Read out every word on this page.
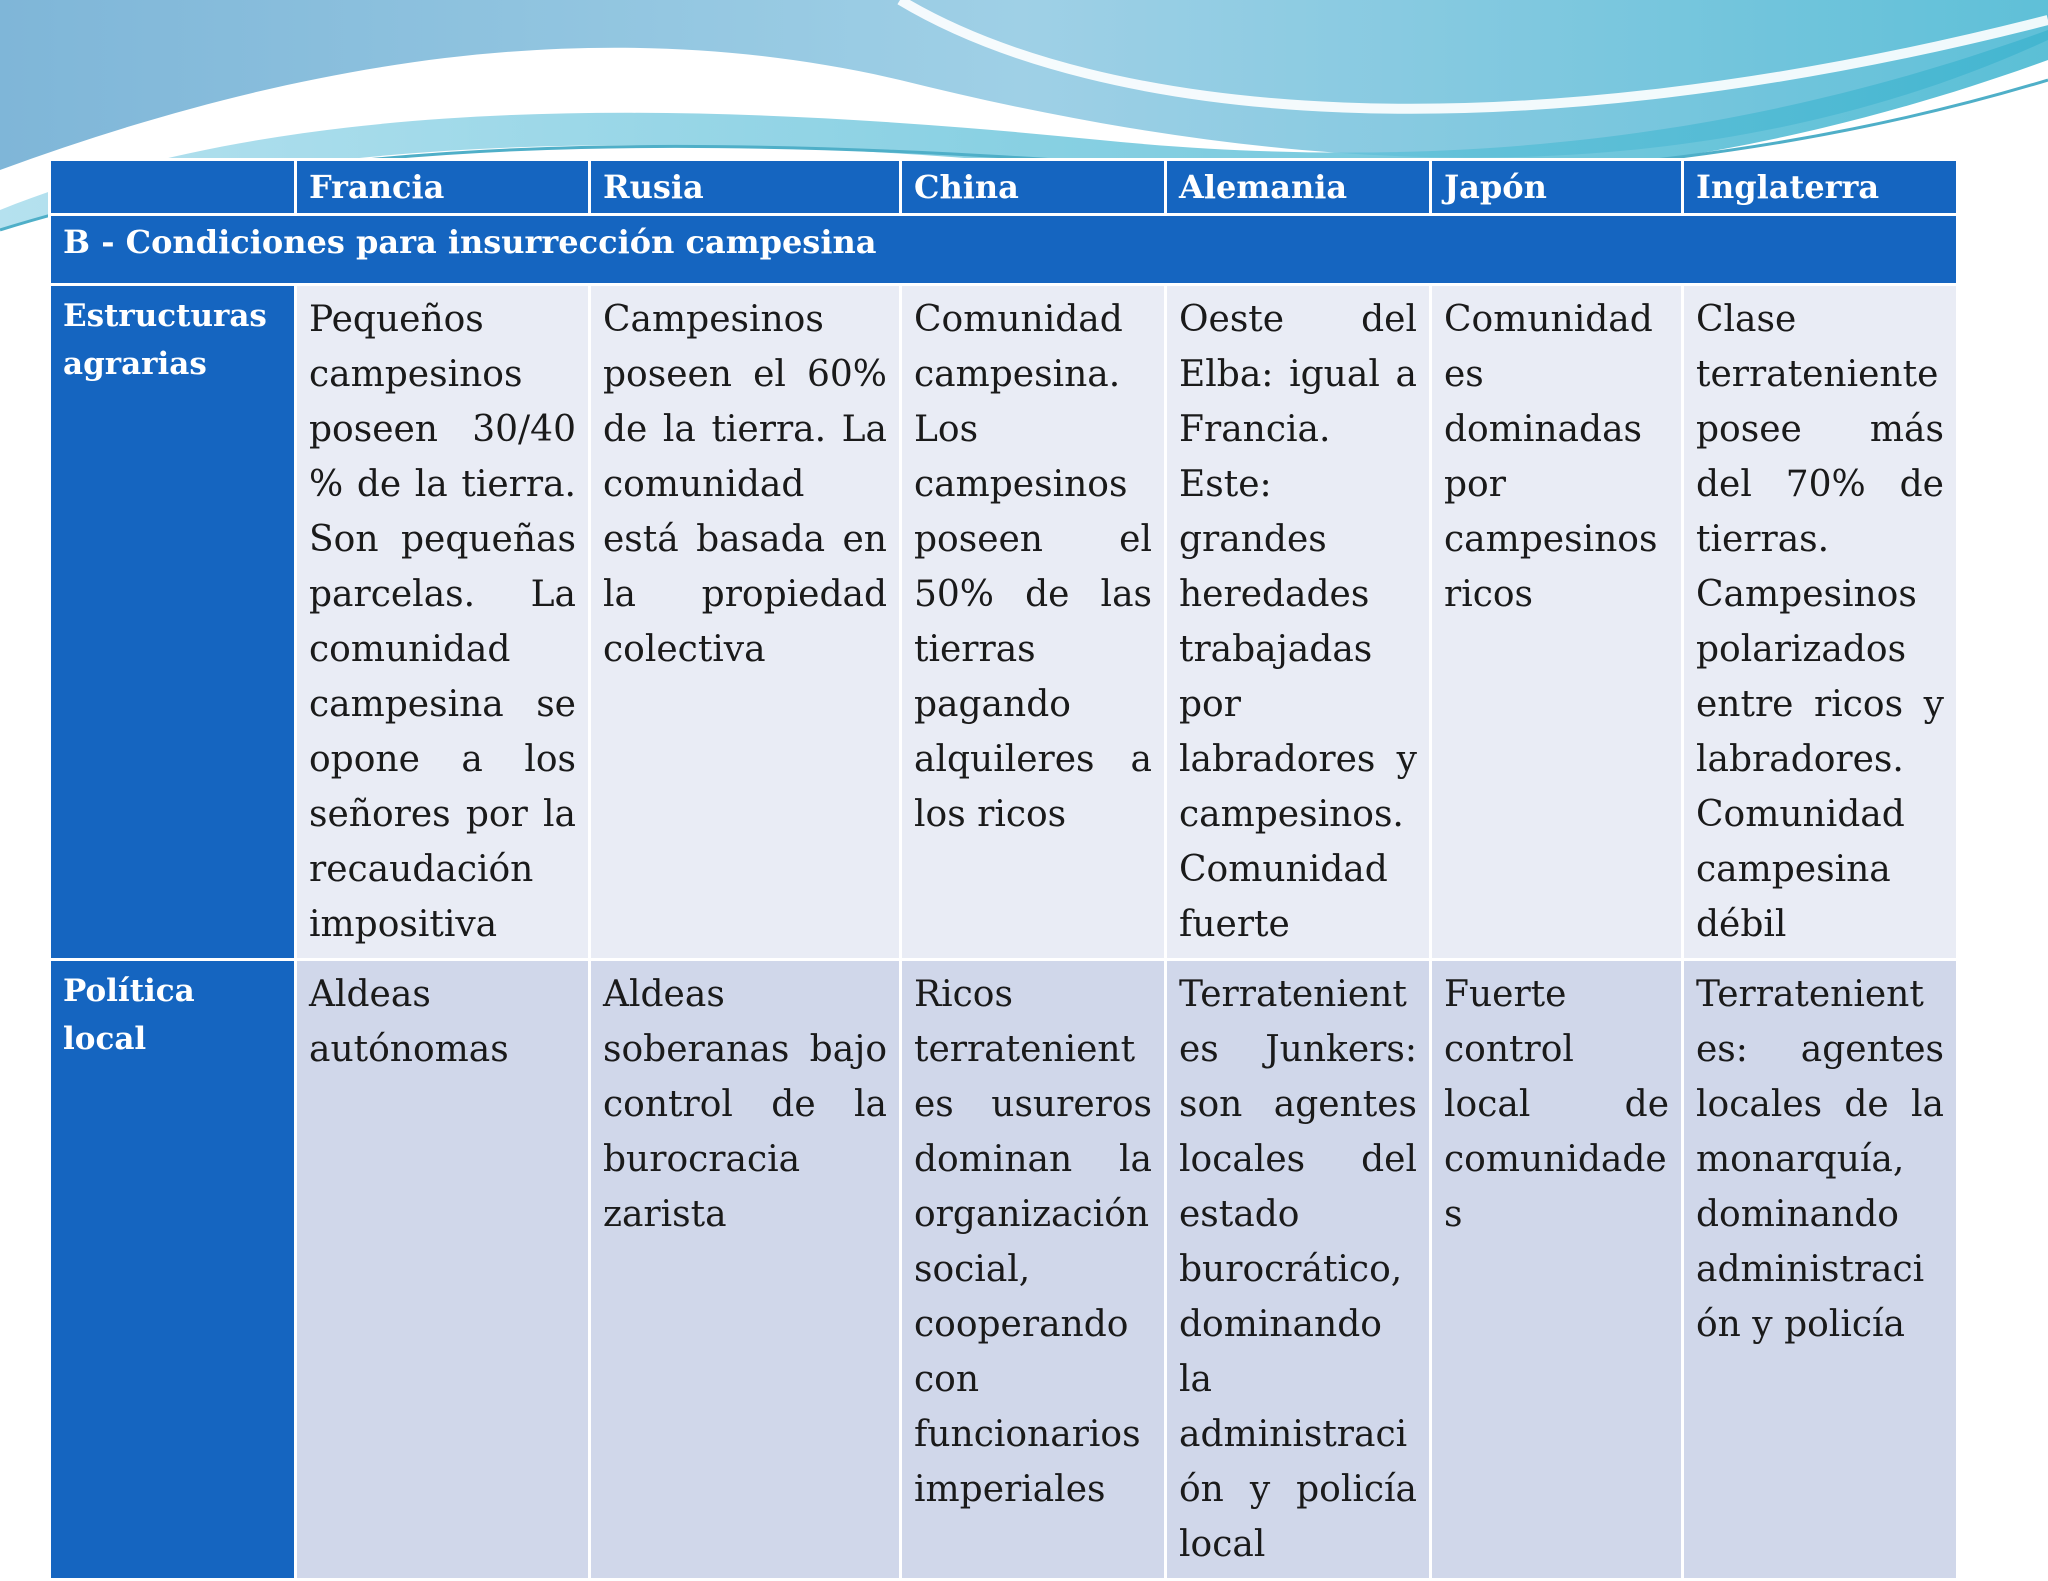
	Francia	Rusia	China	Alemania	Japón	Inglaterra
B - Condiciones para insurrección campesina						
Estructuras agrarias	Pequeños campesinos poseen 30/40 % de la tierra. Son pequeñas parcelas. La comunidad campesina se opone a los señores por la recaudación impositiva	Campesinos poseen el 60% de la tierra. La comunidad está basada en la propiedad colectiva	Comunidad campesina. Los campesinos poseen el 50% de las tierras pagando alquileres a los ricos	Oeste del Elba: igual a Francia. Este: grandes heredades trabajadas por labradores y campesinos. Comunidad fuerte	Comunidades dominadas por campesinos ricos	Clase terrateniente posee más del 70% de tierras. Campesinos polarizados entre ricos y labradores. Comunidad campesina débil
Política local	Aldeas autónomas	Aldeas soberanas bajo control de la burocracia zarista	Ricos terratenientes usureros dominan la organización social, cooperando con funcionarios imperiales	Terratenientes Junkers: son agentes locales del estado burocrático, dominando la administración y policía local	Fuerte control local de comunidades	Terratenientes: agentes locales de la monarquía, dominando administración y policía
